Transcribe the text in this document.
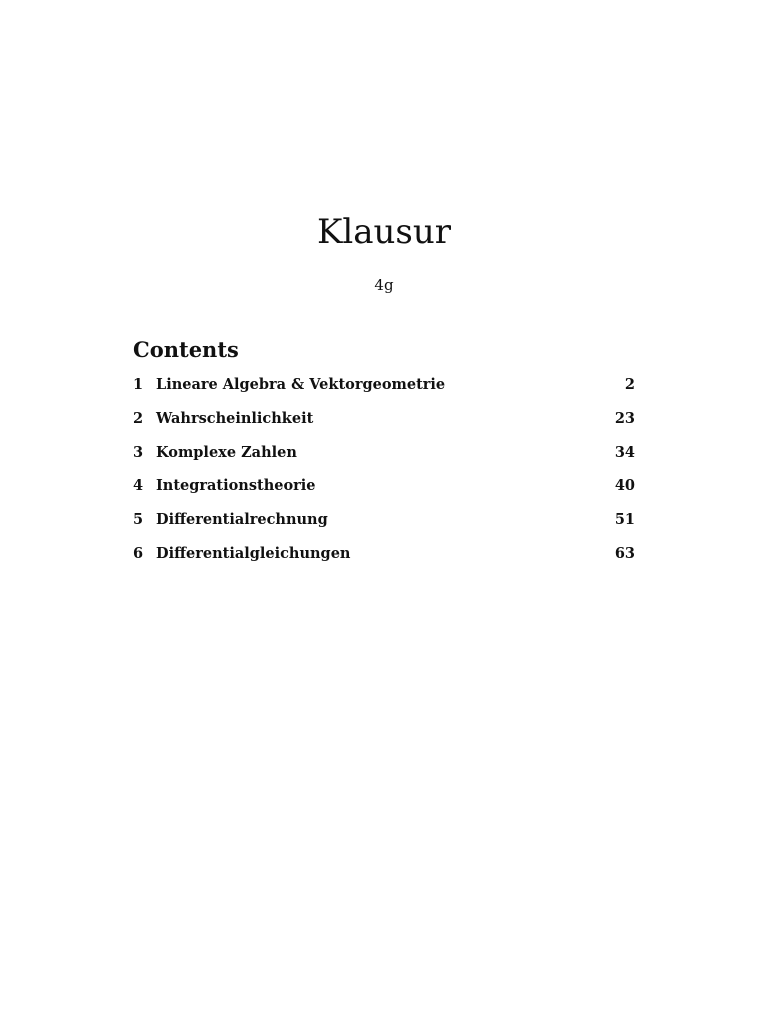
Klausur
4g
Contents
1 Lineare Algebra & Vektorgeometrie	2
2 Wahrscheinlichkeit	23
3 Komplexe Zahlen	34
4 Integrationstheorie	40
5 Differentialrechnung	51
6 Differentialgleichungen	63
